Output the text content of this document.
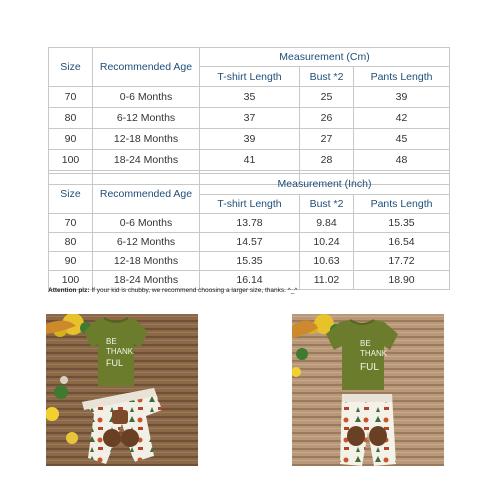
Size	Recommended Age	Measurement (Cm)		
		T-shirt Length	Bust *2	Pants Length
70	0-6 Months	35	25	39
80	6-12 Months	37	26	42
90	12-18 Months	39	27	45
100	18-24 Months	41	28	48

Size	Recommended Age	Measurement (Inch)		
		T-shirt Length	Bust *2	Pants Length
70	0-6 Months	13.78	9.84	15.35
80	6-12 Months	14.57	10.24	16.54
90	12-18 Months	15.35	10.63	17.72
100	18-24 Months	16.14	11.02	18.90
Attention plz: If your kid is chubby, we recommend choosing a larger size, thanks. ^_^
BE
THANK
FUL
BE
THANK
FUL
